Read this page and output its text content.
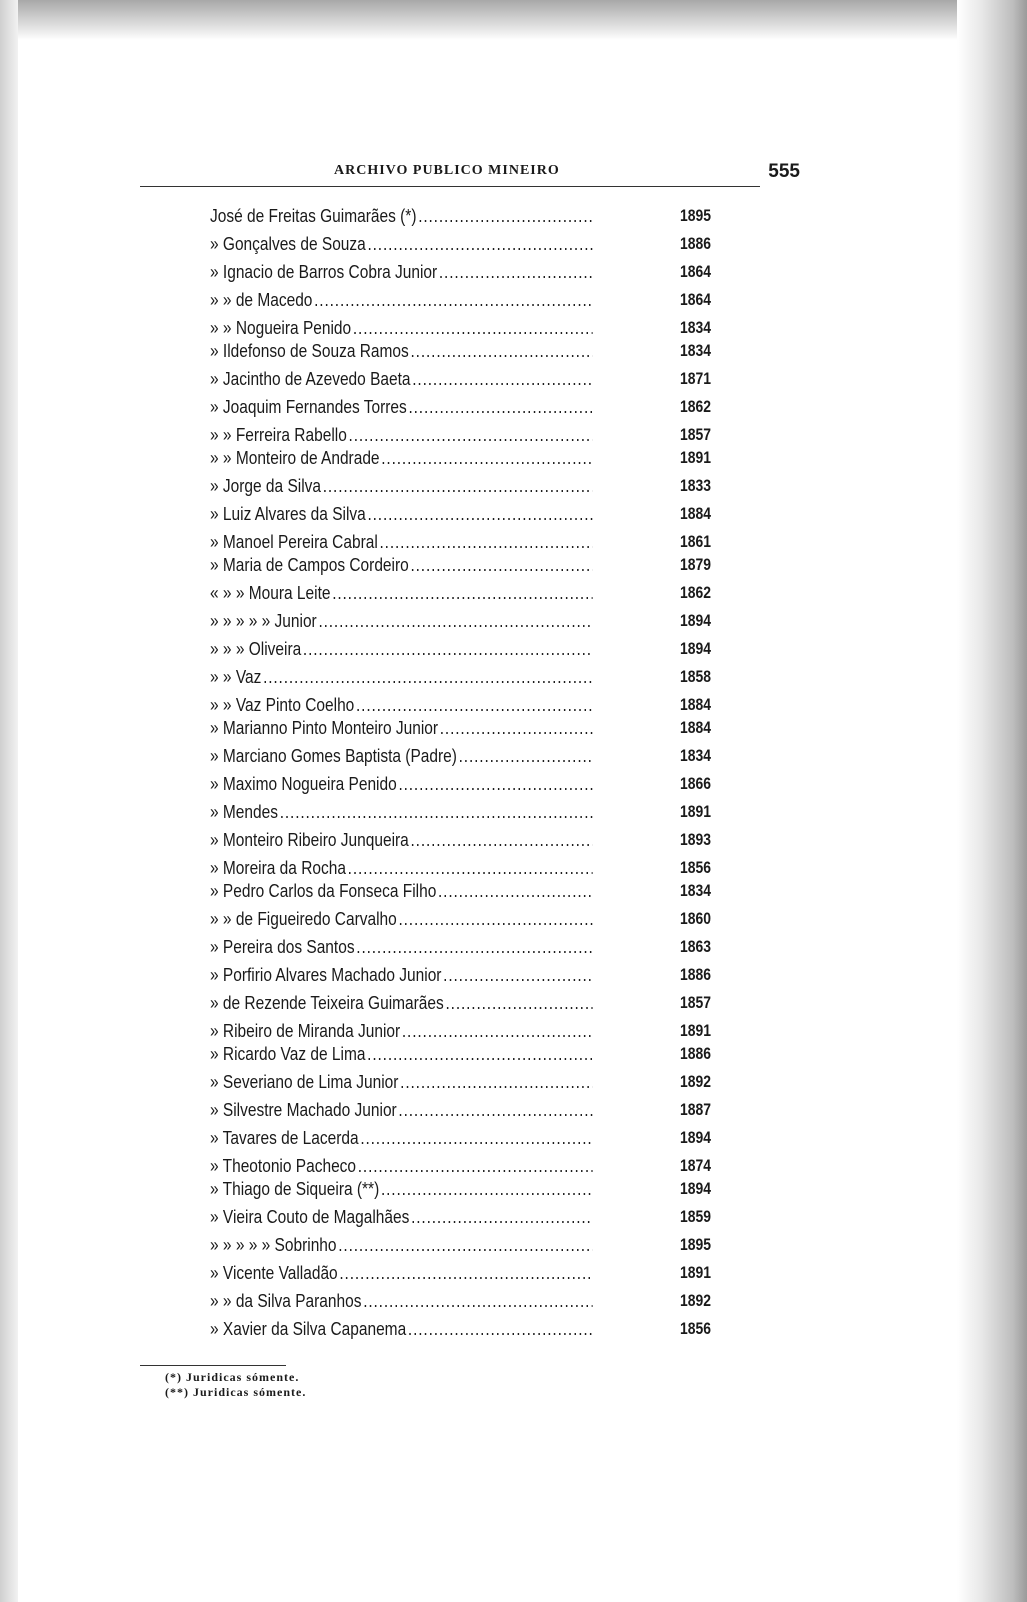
ARCHIVO PUBLICO MINEIRO	555
José de Freitas Guimarães (*) .....	1895
» Gonçalves de Souza .....	1886
» Ignacio de Barros Cobra Junior .....	1864
» » de Macedo .....	1864
» » Nogueira Penido .....	1834
» Ildefonso de Souza Ramos .....	1834
» Jacintho de Azevedo Baeta .....	1871
» Joaquim Fernandes Torres .....	1862
» » Ferreira Rabello .....	1857
» » Monteiro de Andrade .....	1891
» Jorge da Silva .....	1833
» Luiz Alvares da Silva .....	1884
» Manoel Pereira Cabral .....	1861
» Maria de Campos Cordeiro .....	1879
« » » Moura Leite .....	1862
» » » » » Junior .....	1894
» » » Oliveira .....	1894
» » Vaz .....	1858
» » Vaz Pinto Coelho .....	1884
» Marianno Pinto Monteiro Junior .....	1884
» Marciano Gomes Baptista (Padre) .....	1834
» Maximo Nogueira Penido .....	1866
» Mendes .....	1891
» Monteiro Ribeiro Junqueira .....	1893
» Moreira da Rocha .....	1856
» Pedro Carlos da Fonseca Filho .....	1834
» » de Figueiredo Carvalho .....	1860
» Pereira dos Santos .....	1863
» Porfirio Alvares Machado Junior .....	1886
» de Rezende Teixeira Guimarães .....	1857
» Ribeiro de Miranda Junior .....	1891
» Ricardo Vaz de Lima .....	1886
» Severiano de Lima Junior .....	1892
» Silvestre Machado Junior .....	1887
» Tavares de Lacerda .....	1894
» Theotonio Pacheco .....	1874
» Thiago de Siqueira (**) .....	1894
» Vieira Couto de Magalhães .....	1859
» » » » » Sobrinho .....	1895
» Vicente Valladão .....	1891
» » da Silva Paranhos .....	1892
» Xavier da Silva Capanema .....	1856
(*) Juridicas sómente.
(**) Juridicas sómente.
